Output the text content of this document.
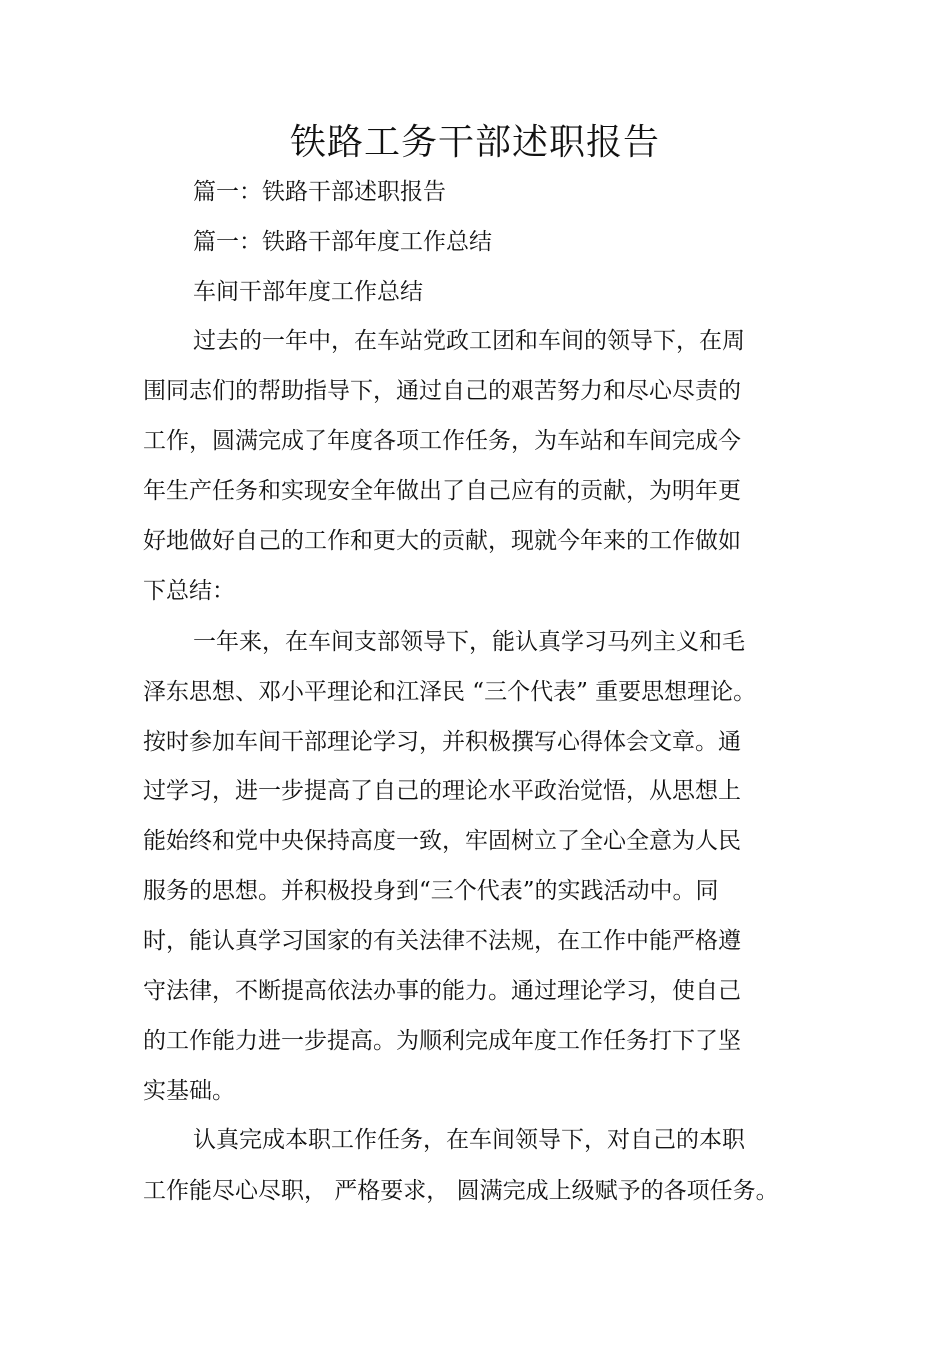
铁路工务干部述职报告

篇一：铁路干部述职报告

篇一：铁路干部年度工作总结

车间干部年度工作总结

过去的一年中，在车站党政工团和车间的领导下，在周

围同志们的帮助指导下，通过自己的艰苦努力和尽心尽责的

工作，圆满完成了年度各项工作任务，为车站和车间完成今

年生产任务和实现安全年做出了自己应有的贡献，为明年更

好地做好自己的工作和更大的贡献，现就今年来的工作做如

下总结：

一年来，在车间支部领导下，能认真学习马列主义和毛

泽东思想、邓小平理论和江泽民 “三个代表” 重要思想理论。

按时参加车间干部理论学习，并积极撰写心得体会文章。通

过学习，进一步提高了自己的理论水平政治觉悟，从思想上

能始终和党中央保持高度一致，牢固树立了全心全意为人民

服务的思想。并积极投身到“三个代表”的实践活动中。同

时，能认真学习国家的有关法律不法规，在工作中能严格遵

守法律，不断提高依法办事的能力。通过理论学习，使自己

的工作能力进一步提高。为顺利完成年度工作任务打下了坚

实基础。

认真完成本职工作任务，在车间领导下，对自己的本职

工作能尽心尽职， 严格要求， 圆满完成上级赋予的各项任务。
